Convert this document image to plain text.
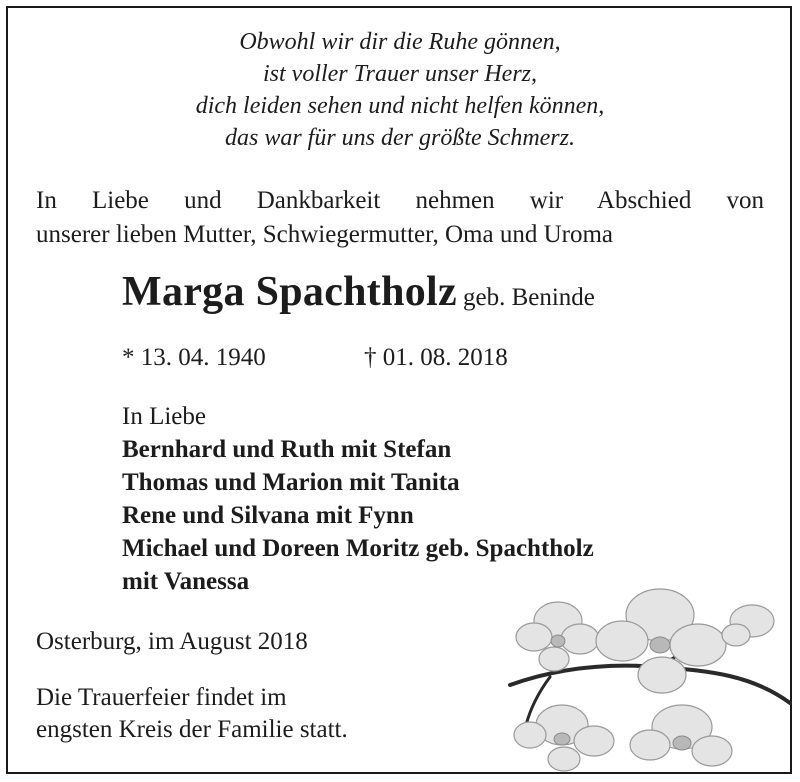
Obwohl wir dir die Ruhe gönnen,
ist voller Trauer unser Herz,
dich leiden sehen und nicht helfen können,
das war für uns der größte Schmerz.
In Liebe und Dankbarkeit nehmen wir Abschied von
unserer lieben Mutter, Schwiegermutter, Oma und Uroma
Marga Spachtholz geb. Beninde
* 13. 04. 1940	† 01. 08. 2018
In Liebe
Bernhard und Ruth mit Stefan
Thomas und Marion mit Tanita
Rene und Silvana mit Fynn
Michael und Doreen Moritz geb. Spachtholz
mit Vanessa
Osterburg, im August 2018
Die Trauerfeier findet im
engsten Kreis der Familie statt.
